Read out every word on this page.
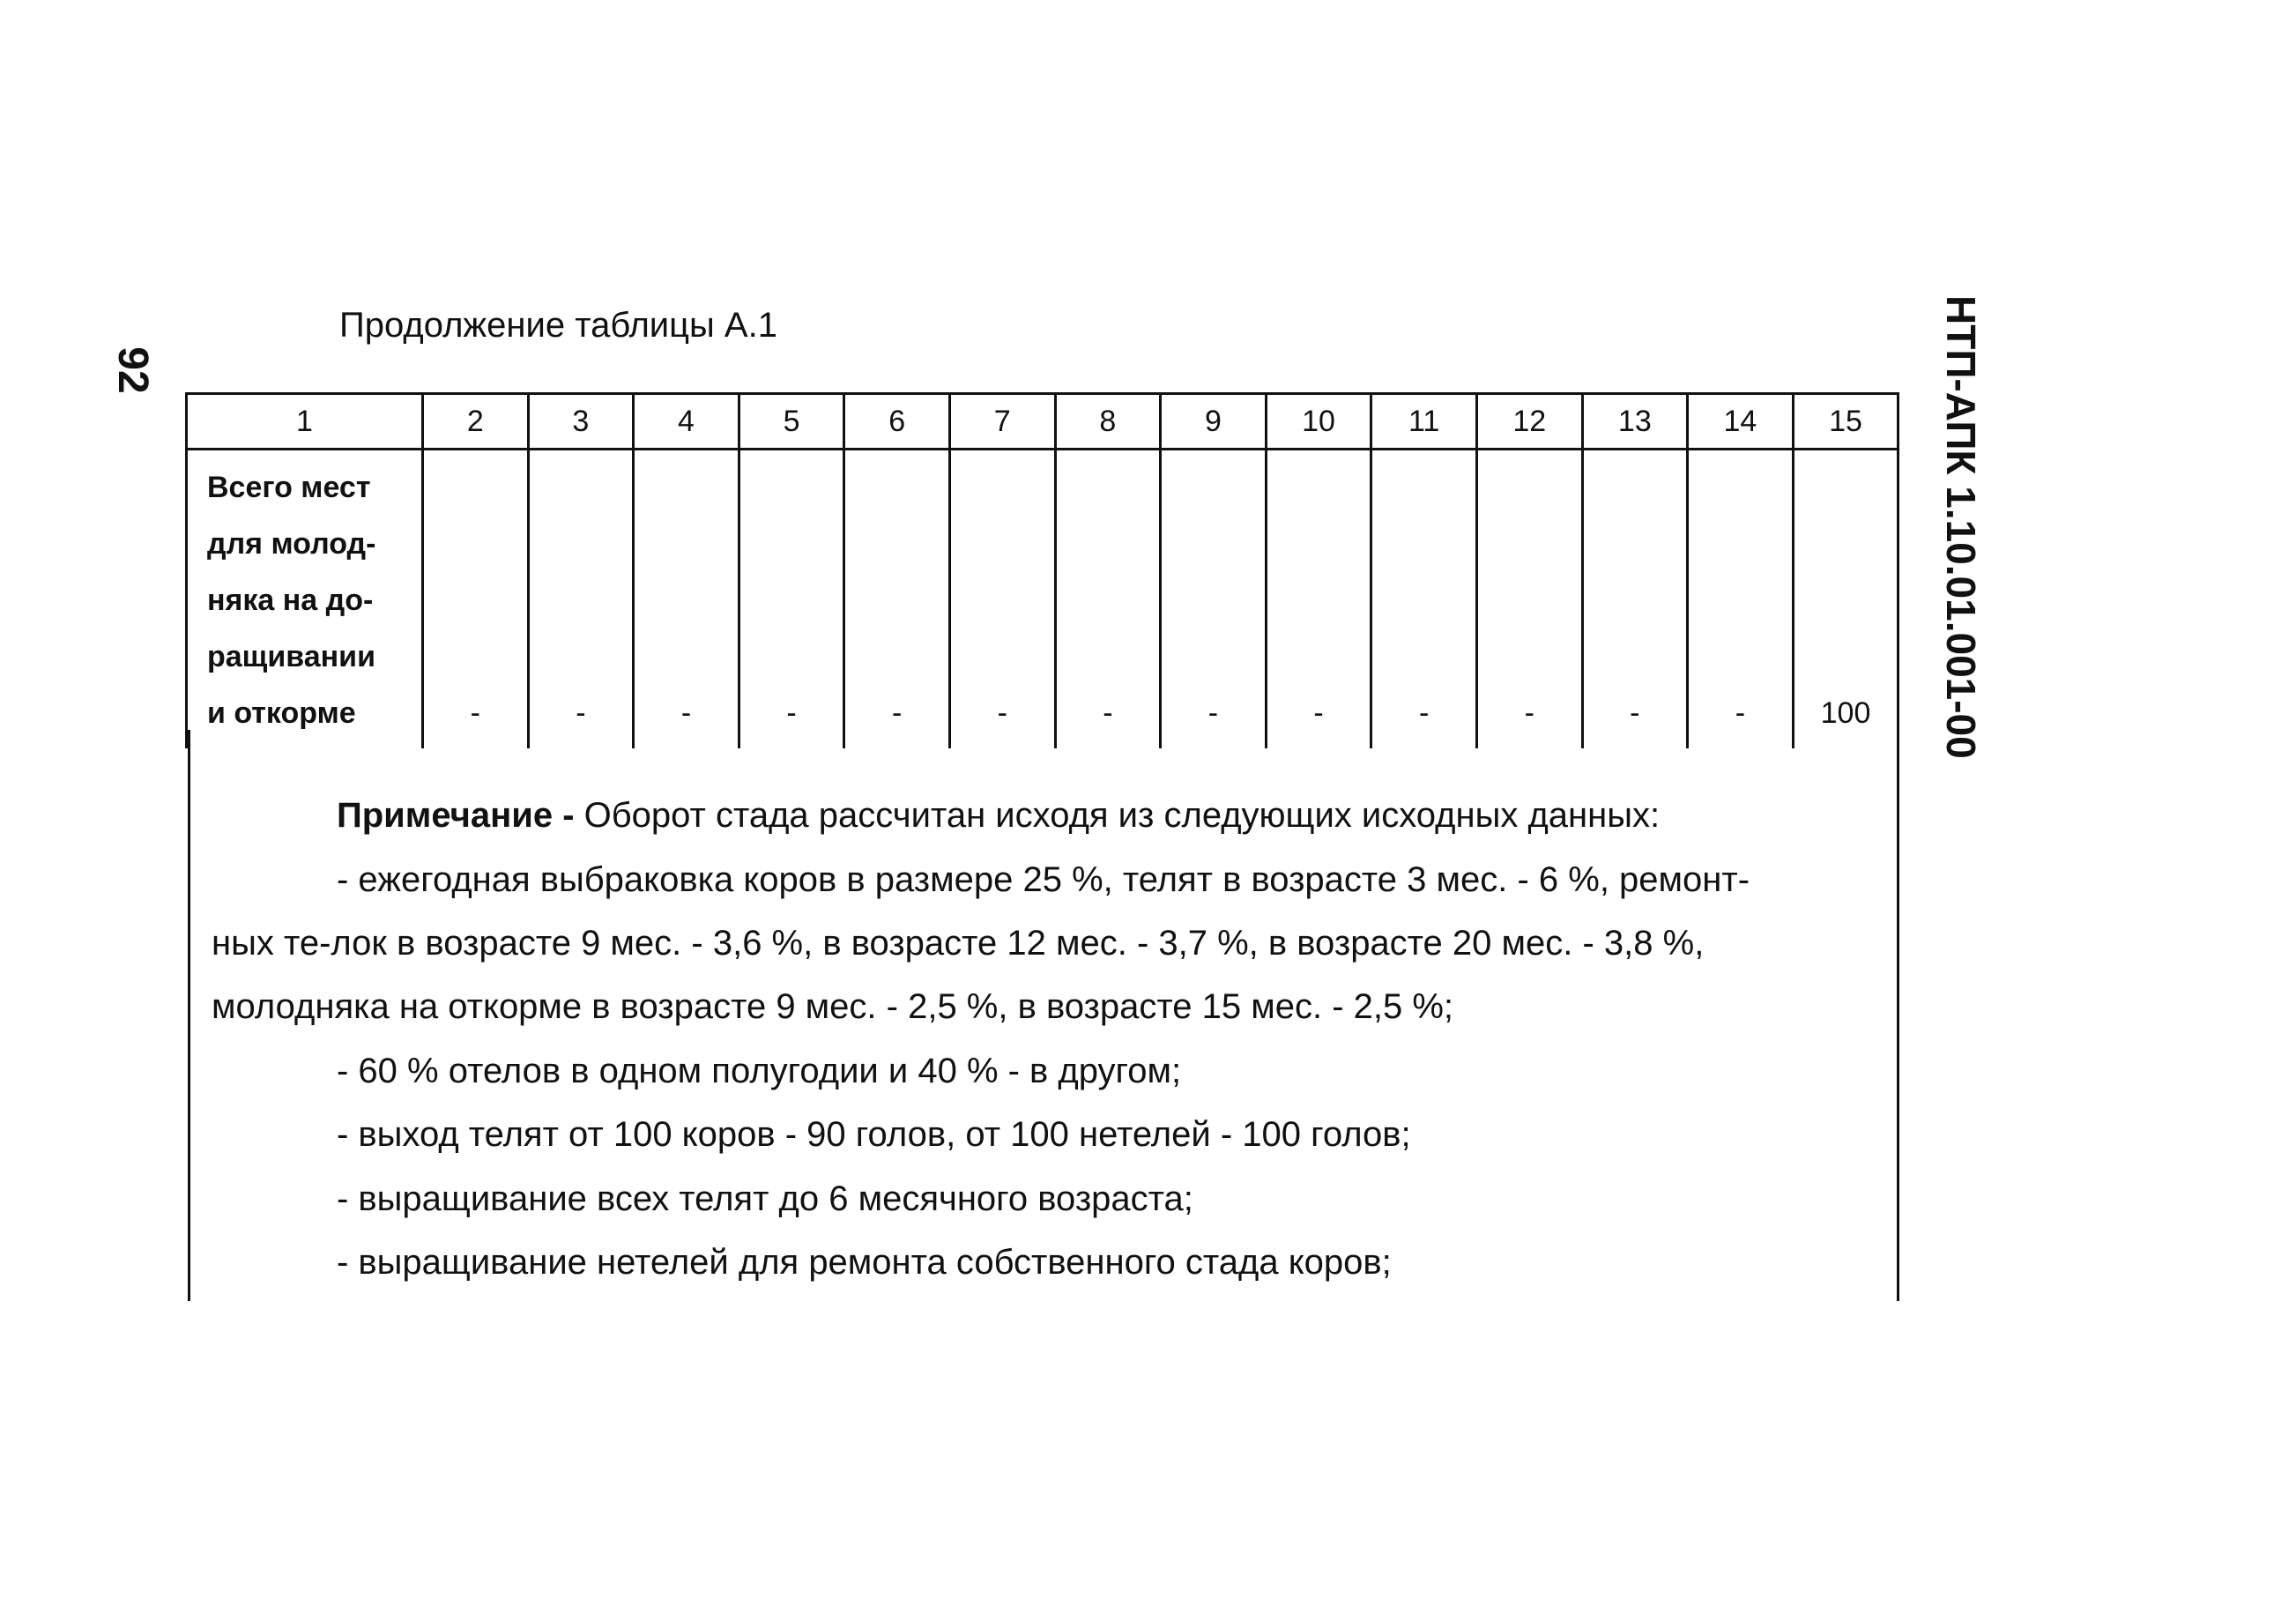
92	НТП-АПК 1.10.01.001-00
Продолжение таблицы А.1
1	2	3	4	5	6	7	8	9	10	11	12	13	14	15

Всего мест
для молод-
няка на до-
ращивании
и откорме	-	-	-	-	-	-	-	-	-	-	-	-	-	100
Примечание - Оборот стада рассчитан исходя из следующих исходных данных:
- ежегодная выбраковка коров в размере 25 %, телят в возрасте 3 мес. - 6 %, ремонт-
ных те-лок в возрасте 9 мес. - 3,6 %, в возрасте 12 мес. - 3,7 %, в возрасте 20 мес. - 3,8 %,
молодняка на откорме в возрасте 9 мес. - 2,5 %, в возрасте 15 мес. - 2,5 %;
- 60 % отелов в одном полугодии и 40 % - в другом;
- выход телят от 100 коров - 90 голов, от 100 нетелей - 100 голов;
- выращивание всех телят до 6 месячного возраста;
- выращивание нетелей для ремонта собственного стада коров;
